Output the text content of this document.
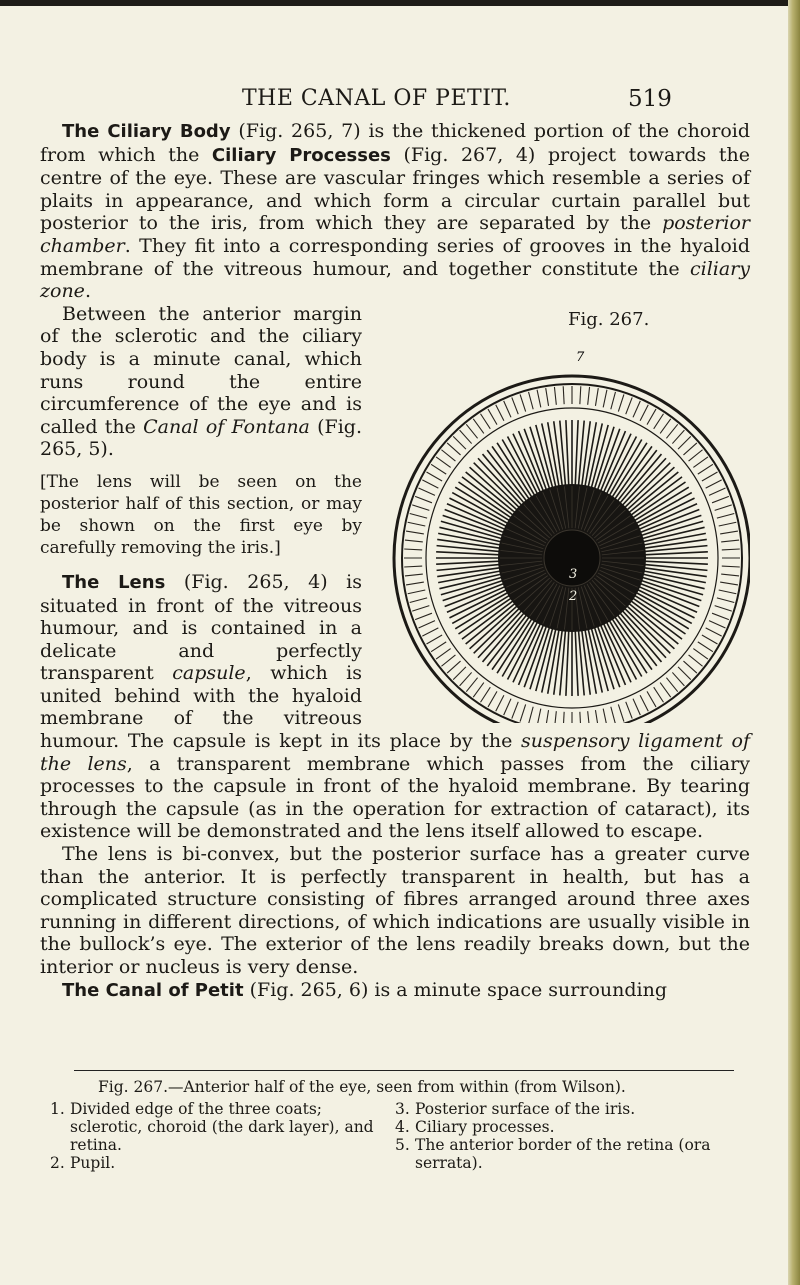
THE CANAL OF PETIT.	519

The Ciliary Body (Fig. 265, 7) is the thickened portion of the choroid from which the Ciliary Processes (Fig. 267, 4) project towards the centre of the eye. These are vascular fringes which resemble a series of plaits in appearance, and which form a circular curtain parallel but posterior to the iris, from which they are separated by the posterior chamber. They fit into a corresponding series of grooves in the hyaloid membrane of the vitreous humour, and together constitute the ciliary zone.

Fig. 267.
7
3
2

Between the anterior margin of the sclerotic and the ciliary body is a minute canal, which runs round the entire circumference of the eye and is called the Canal of Fontana (Fig. 265, 5).

[The lens will be seen on the posterior half of this section, or may be shown on the first eye by carefully removing the iris.]

The Lens (Fig. 265, 4) is situated in front of the vitreous humour, and is contained in a delicate and perfectly transparent capsule, which is united behind with the hyaloid membrane of the vitreous humour. The capsule is kept in its place by the suspensory ligament of the lens, a transparent membrane which passes from the ciliary processes to the capsule in front of the hyaloid membrane. By tearing through the capsule (as in the operation for extraction of cataract), its existence will be demonstrated and the lens itself allowed to escape.

The lens is bi-convex, but the posterior surface has a greater curve than the anterior. It is perfectly transparent in health, but has a complicated structure consisting of fibres arranged around three axes running in different directions, of which indications are usually visible in the bullock’s eye. The exterior of the lens readily breaks down, but the interior or nucleus is very dense.

The Canal of Petit (Fig. 265, 6) is a minute space surrounding

Fig. 267.—Anterior half of the eye, seen from within (from Wilson).
1. Divided edge of the three coats; sclerotic, choroid (the dark layer), and retina.
2. Pupil.
3. Posterior surface of the iris.
4. Ciliary processes.
5. The anterior border of the retina (ora serrata).
